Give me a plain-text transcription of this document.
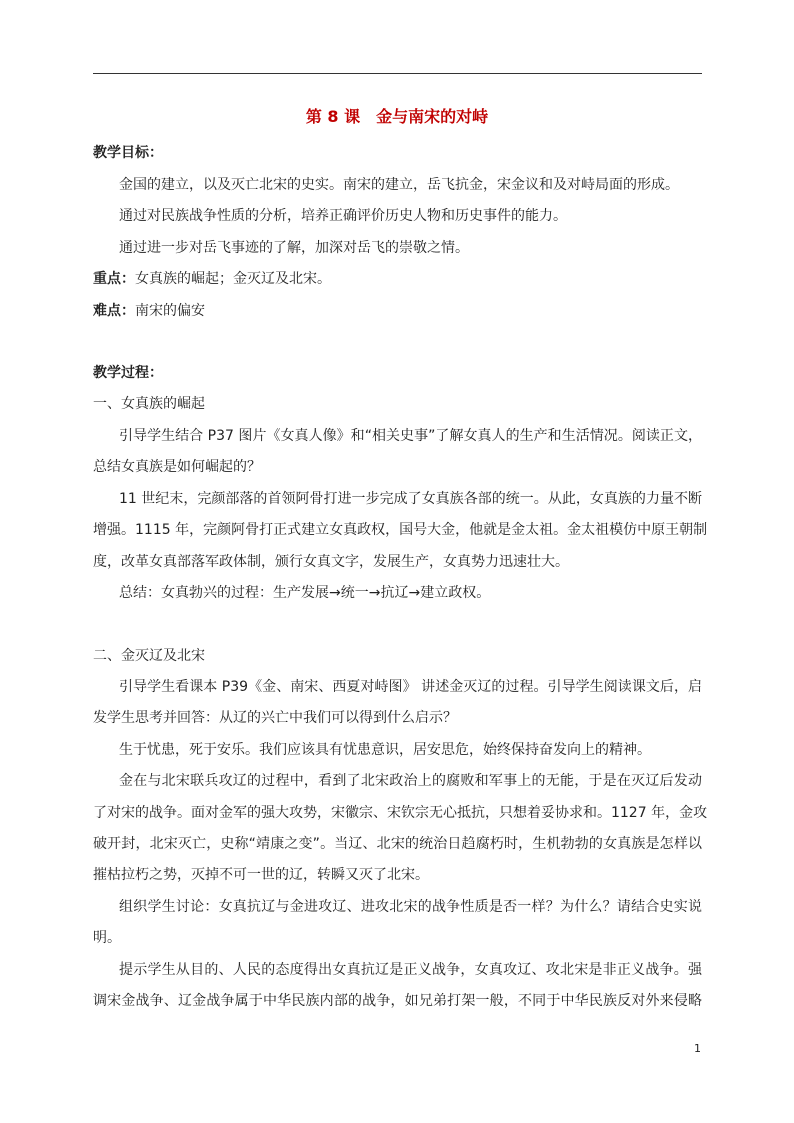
第 8 课 金与南宋的对峙
教学目标：
金国的建立，以及灭亡北宋的史实。南宋的建立，岳飞抗金，宋金议和及对峙局面的形成。
通过对民族战争性质的分析，培养正确评价历史人物和历史事件的能力。
通过进一步对岳飞事迹的了解，加深对岳飞的崇敬之情。
重点：女真族的崛起；金灭辽及北宋。
难点：南宋的偏安
教学过程：
一、女真族的崛起
引导学生结合 P37 图片《女真人像》和“相关史事”了解女真人的生产和生活情况。阅读正文，
总结女真族是如何崛起的？
11 世纪末，完颜部落的首领阿骨打进一步完成了女真族各部的统一。从此，女真族的力量不断
增强。1115 年，完颜阿骨打正式建立女真政权，国号大金，他就是金太祖。金太祖模仿中原王朝制
度，改革女真部落军政体制，颁行女真文字，发展生产，女真势力迅速壮大。
总结：女真勃兴的过程：生产发展→统一→抗辽→建立政权。
二、金灭辽及北宋
引导学生看课本 P39《金、南宋、西夏对峙图》 讲述金灭辽的过程。引导学生阅读课文后，启
发学生思考并回答：从辽的兴亡中我们可以得到什么启示？
生于忧患，死于安乐。我们应该具有忧患意识，居安思危，始终保持奋发向上的精神。
金在与北宋联兵攻辽的过程中，看到了北宋政治上的腐败和军事上的无能，于是在灭辽后发动
了对宋的战争。面对金军的强大攻势，宋徽宗、宋钦宗无心抵抗，只想着妥协求和。1127 年，金攻
破开封，北宋灭亡，史称“靖康之变”。当辽、北宋的统治日趋腐朽时，生机勃勃的女真族是怎样以
摧枯拉朽之势，灭掉不可一世的辽，转瞬又灭了北宋。
组织学生讨论：女真抗辽与金进攻辽、进攻北宋的战争性质是否一样？为什么？请结合史实说
明。
提示学生从目的、人民的态度得出女真抗辽是正义战争，女真攻辽、攻北宋是非正义战争。强
调宋金战争、辽金战争属于中华民族内部的战争，如兄弟打架一般，不同于中华民族反对外来侵略
1
